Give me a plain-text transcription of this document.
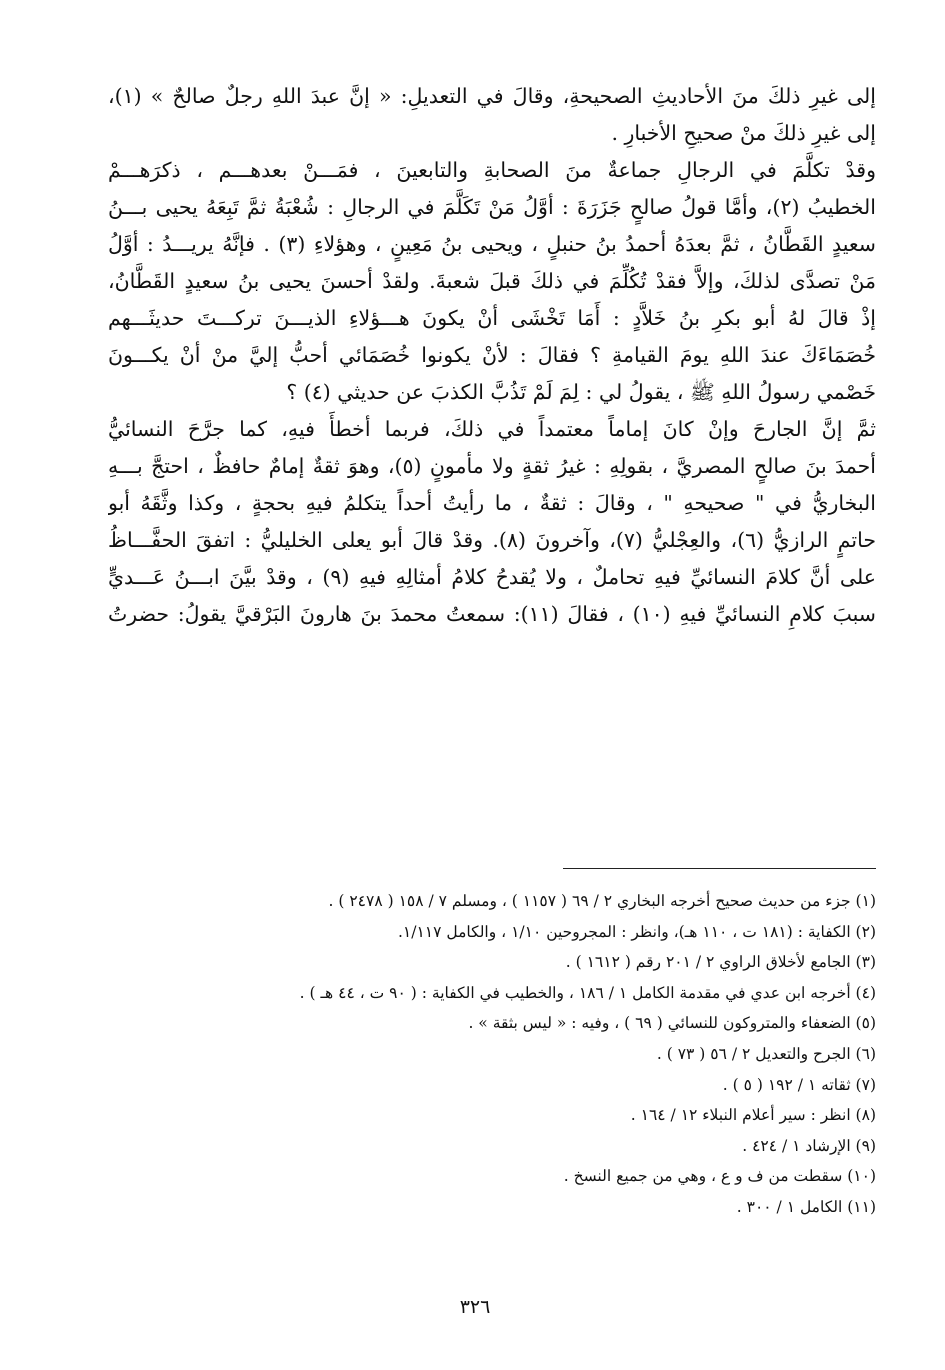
إلى غيرِ ذلكَ منَ الأحاديثِ الصحيحةِ، وقالَ في التعديلِ: « إنَّ عبدَ اللهِ رجلٌ صالحٌ » (١)،
إلى غيرِ ذلكَ منْ صحيحِ الأخبارِ .
وقدْ تكلَّمَ في الرجالِ جماعةٌ منَ الصحابةِ والتابعينَ ، فمَـــنْ بعدهـــم ، ذكرَهـــمْ
الخطيبُ (٢)، وأمَّا قولُ صالحٍ جَزَرَةَ : أوَّلُ مَنْ تَكَلَّمَ في الرجالِ : شُعْبَةُ ثمَّ تَبِعَهُ يحيى بـــنُ
سعيدٍ القَطَّانُ ، ثمَّ بعدَهُ أحمدُ بنُ حنبلٍ ، ويحيى بنُ مَعِينٍ ، وهؤلاءِ (٣) . فإنَّهُ يريـــدُ : أوَّلُ
مَنْ تصدَّى لذلكَ، وإلاَّ فقدْ تُكُلِّمَ في ذلكَ قبلَ شعبةَ. ولقدْ أحسنَ يحيى بنُ سعيدٍ القَطَّانُ،
إذْ قالَ لهُ أبو بكرِ بنُ خَلاَّدٍ : أَمَا تَخْشَى أنْ يكونَ هـــؤلاءِ الذيـــنَ تركـــتَ حديثَـــهم
خُصَمَاءَكَ عندَ اللهِ يومَ القيامةِ ؟ فقالَ : لأنْ يكونوا خُصَمَائي أحبُّ إليَّ منْ أنْ يكـــونَ
خَصْمي رسولُ اللهِ ﷺ ، يقولُ لي : لِمَ لَمْ تَذُبَّ الكذبَ عن حديثي (٤) ؟
ثمَّ إنَّ الجارحَ وإنْ كانَ إماماً معتمداً في ذلكَ، فربما أخطأَ فيهِ، كما جرَّحَ النسائيُّ
أحمدَ بنَ صالحٍ المصريَّ ، بقولِهِ : غيرُ ثقةٍ ولا مأمونٍ (٥)، وهوَ ثقةٌ إمامٌ حافظٌ ، احتجَّ بـــهِ
البخاريُّ في " صحيحهِ " ، وقالَ : ثقةٌ ، ما رأيتُ أحداً يتكلمُ فيهِ بحجةٍ ، وكذا وثَّقَهُ أبو
حاتمٍ الرازيُّ (٦)، والعِجْليُّ (٧)، وآخرونَ (٨). وقدْ قالَ أبو يعلى الخليليُّ : اتفقَ الحفَّـــاظُ
على أنَّ كلامَ النسائيِّ فيهِ تحاملٌ ، ولا يُقدحُ كلامُ أمثالِهِ فيهِ (٩) ، وقدْ بيَّنَ ابـــنُ عَـــديٍّ
سببَ كلامِ النسائيِّ فيهِ (١٠) ، فقالَ (١١): سمعتُ محمدَ بنَ هارونَ البَرْقيَّ يقولُ: حضرتُ
(١) جزء من حديث صحيح أخرجه البخاري ٢ / ٦٩ ( ١١٥٧ ) ، ومسلم ٧ / ١٥٨ ( ٢٤٧٨ ) .
(٢) الكفاية : (١٨١ ت ، ١١٠ هـ)، وانظر : المجروحين ١/١٠ ، والكامل ١/١١٧.
(٣) الجامع لأخلاق الراوي ٢ / ٢٠١ رقم ( ١٦١٢ ) .
(٤) أخرجه ابن عدي في مقدمة الكامل ١ / ١٨٦ ، والخطيب في الكفاية : ( ٩٠ ت ، ٤٤ هـ ) .
(٥) الضعفاء والمتروكون للنسائي ( ٦٩ ) ، وفيه : « ليس بثقة » .
(٦) الجرح والتعديل ٢ / ٥٦ ( ٧٣ ) .
(٧) ثقاته ١ / ١٩٢ ( ٥ ) .
(٨) انظر : سير أعلام النبلاء ١٢ / ١٦٤ .
(٩) الإرشاد ١ / ٤٢٤ .
(١٠) سقطت من ف و ع ، وهي من جميع النسخ .
(١١) الكامل ١ / ٣٠٠ .
٣٢٦
